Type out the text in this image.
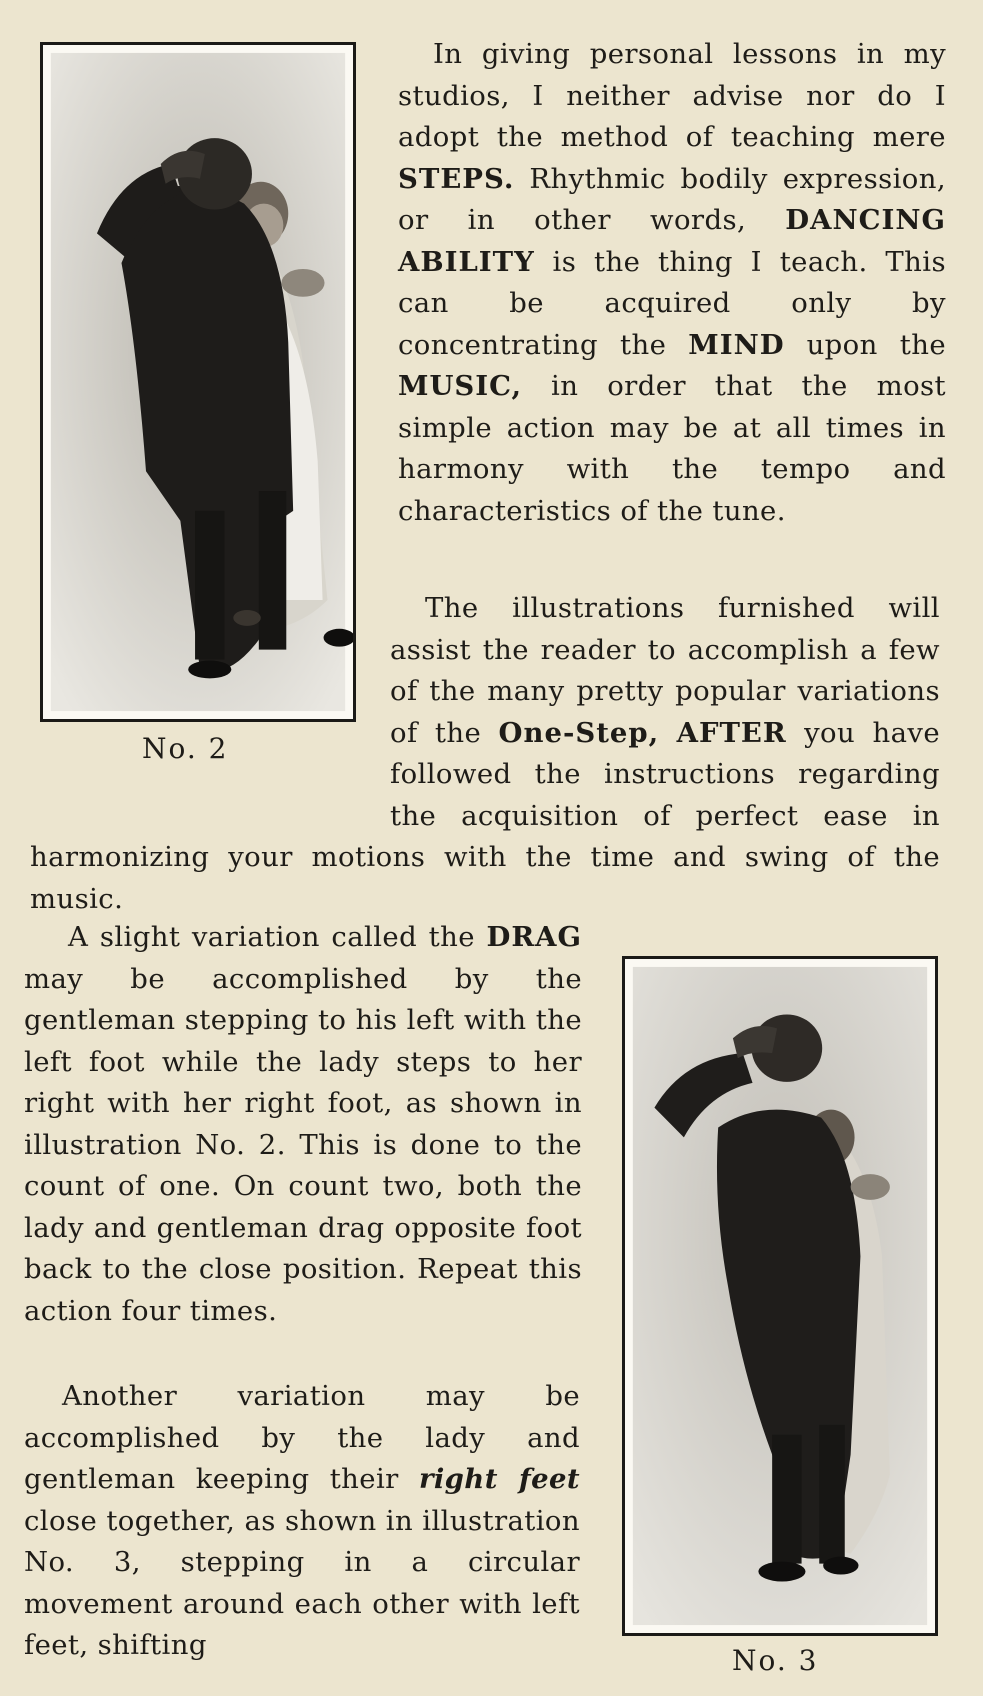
No. 2
In giving personal lessons in my studios, I neither advise nor do I adopt the method of teaching mere STEPS. Rhythmic bodily expression, or in other words, DANCING ABILITY is the thing I teach. This can be acquired only by concentrating the MIND upon the MUSIC, in order that the most simple action may be at all times in harmony with the tempo and characteristics of the tune.
The illustrations furnished will assist the reader to accomplish a few of the many pretty popular variations of the One-Step, AFTER you have followed the instructions regarding the acquisition of perfect ease in harmonizing your motions with the time and swing of the music.
No. 3
A slight variation called the DRAG may be accomplished by the gentleman stepping to his left with the left foot while the lady steps to her right with her right foot, as shown in illustration No. 2. This is done to the count of one. On count two, both the lady and gentleman drag opposite foot back to the close position. Repeat this action four times.
Another variation may be accomplished by the lady and gentleman keeping their right feet close together, as shown in illustration No. 3, stepping in a circular movement around each other with left feet, shifting
